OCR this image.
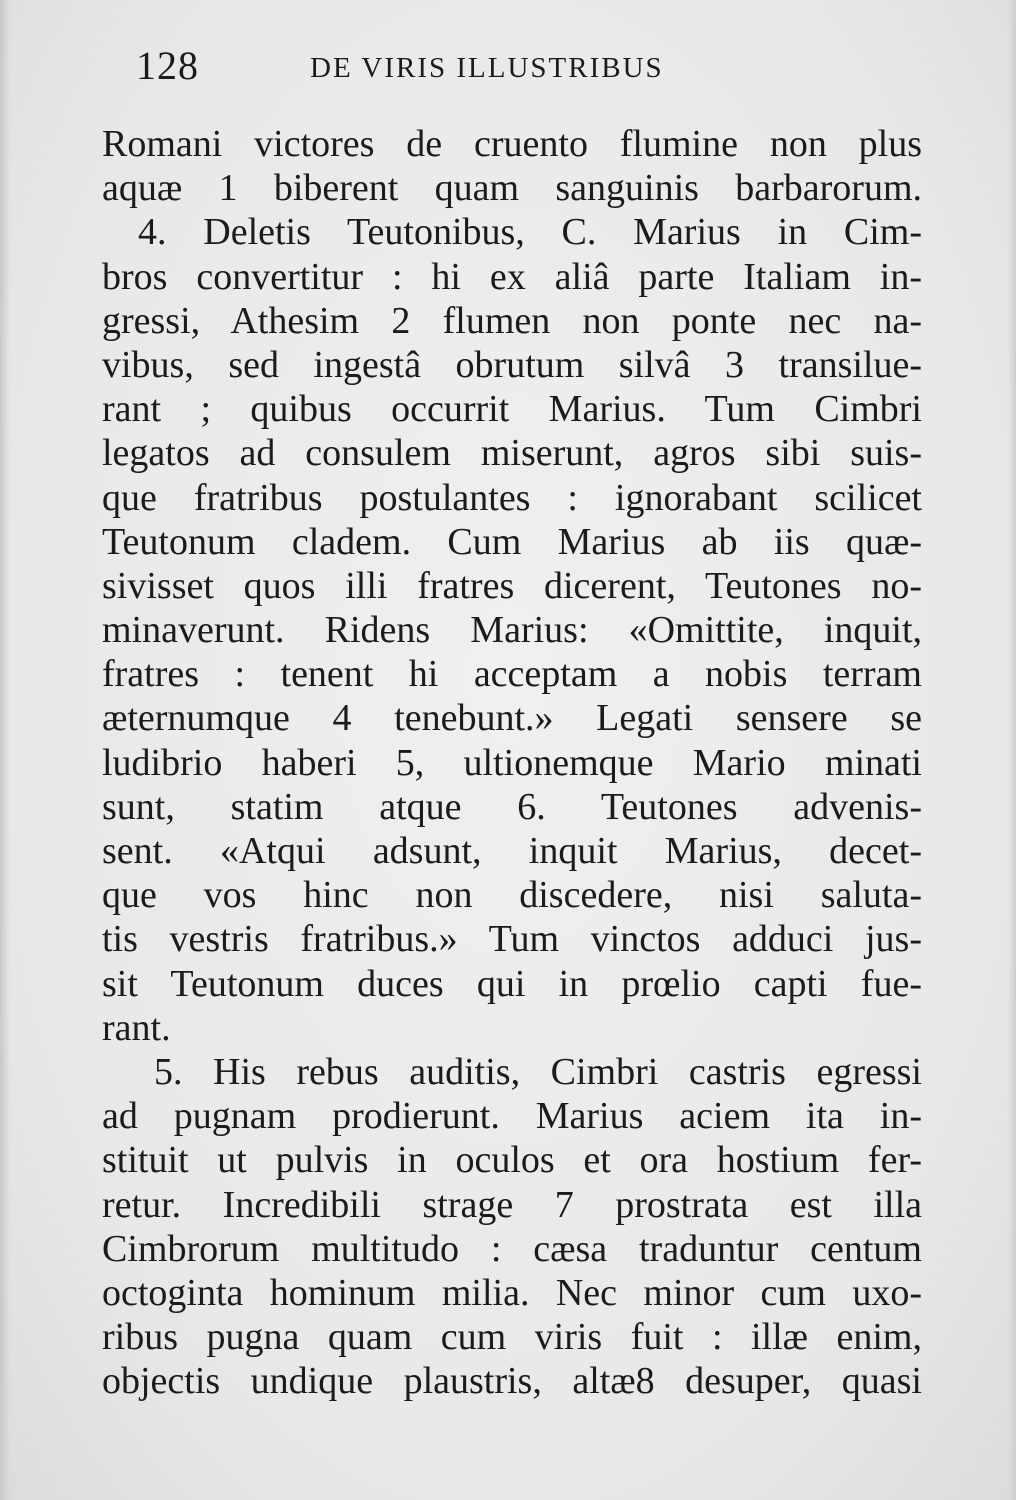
128	DE VIRIS ILLUSTRIBUS
Romani victores de cruento flumine non plus
aquæ 1 biberent quam sanguinis barbarorum.
4. Deletis Teutonibus, C. Marius in Cim-
bros convertitur : hi ex aliâ parte Italiam in-
gressi, Athesim 2 flumen non ponte nec na-
vibus, sed ingestâ obrutum silvâ 3 transilue-
rant ; quibus occurrit Marius. Tum Cimbri
legatos ad consulem miserunt, agros sibi suis-
que fratribus postulantes : ignorabant scilicet
Teutonum cladem. Cum Marius ab iis quæ-
sivisset quos illi fratres dicerent, Teutones no-
minaverunt. Ridens Marius: «Omittite, inquit,
fratres : tenent hi acceptam a nobis terram
æternumque 4 tenebunt.» Legati sensere se
ludibrio haberi 5, ultionemque Mario minati
sunt, statim atque 6. Teutones advenis-
sent. «Atqui adsunt, inquit Marius, decet-
que vos hinc non discedere, nisi saluta-
tis vestris fratribus.» Tum vinctos adduci jus-
sit Teutonum duces qui in prœlio capti fue-
rant.
5. His rebus auditis, Cimbri castris egressi
ad pugnam prodierunt. Marius aciem ita in-
stituit ut pulvis in oculos et ora hostium fer-
retur. Incredibili strage 7 prostrata est illa
Cimbrorum multitudo : cæsa traduntur centum
octoginta hominum milia. Nec minor cum uxo-
ribus pugna quam cum viris fuit : illæ enim,
objectis undique plaustris, altæ8 desuper, quasi
